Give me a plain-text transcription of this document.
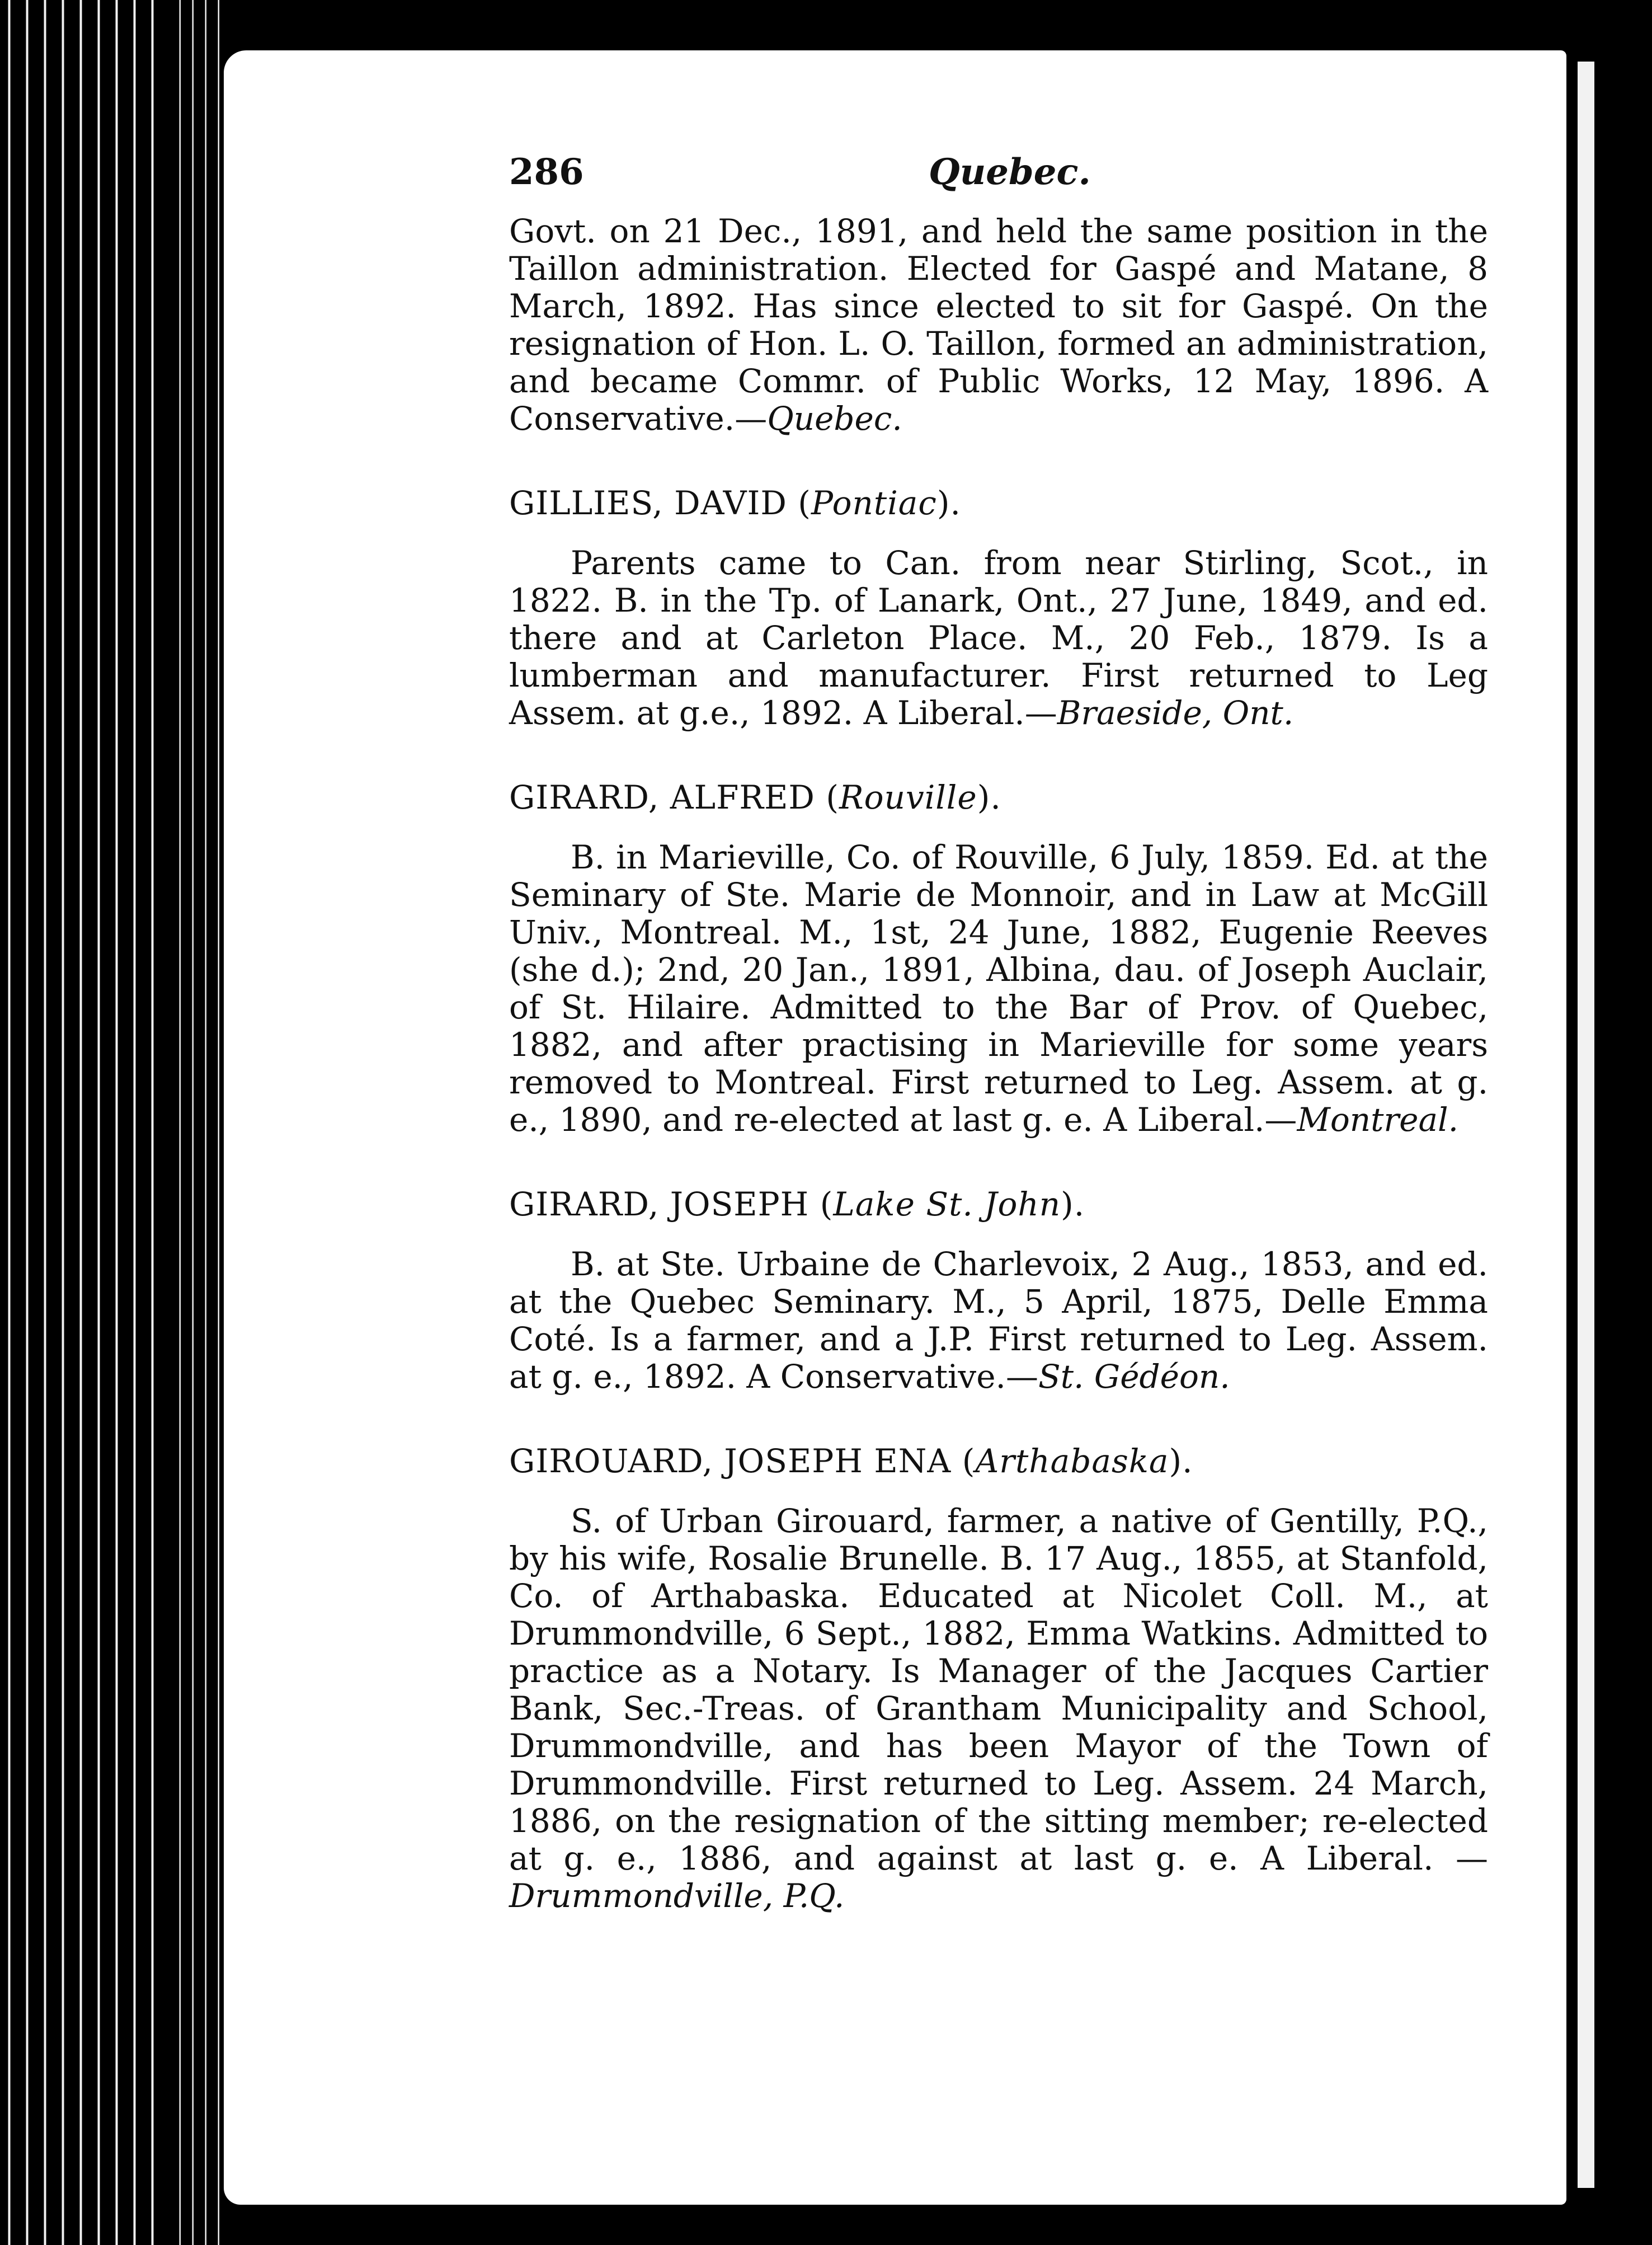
286	Quebec.

Govt. on 21 Dec., 1891, and held the same position in the Taillon administration. Elected for Gaspé and Matane, 8 March, 1892. Has since elected to sit for Gaspé. On the resignation of Hon. L. O. Taillon, formed an administration, and became Commr. of Public Works, 12 May, 1896. A Conservative.—Quebec.

GILLIES, DAVID (Pontiac).

Parents came to Can. from near Stirling, Scot., in 1822. B. in the Tp. of Lanark, Ont., 27 June, 1849, and ed. there and at Carleton Place. M., 20 Feb., 1879. Is a lumberman and manufacturer. First returned to Leg Assem. at g.e., 1892. A Liberal.—Braeside, Ont.

GIRARD, ALFRED (Rouville).

B. in Marieville, Co. of Rouville, 6 July, 1859. Ed. at the Seminary of Ste. Marie de Monnoir, and in Law at McGill Univ., Montreal. M., 1st, 24 June, 1882, Eugenie Reeves (she d.); 2nd, 20 Jan., 1891, Albina, dau. of Joseph Auclair, of St. Hilaire. Admitted to the Bar of Prov. of Quebec, 1882, and after practising in Marieville for some years removed to Montreal. First returned to Leg. Assem. at g. e., 1890, and re-elected at last g. e. A Liberal.—Montreal.

GIRARD, JOSEPH (Lake St. John).

B. at Ste. Urbaine de Charlevoix, 2 Aug., 1853, and ed. at the Quebec Seminary. M., 5 April, 1875, Delle Emma Coté. Is a farmer, and a J.P. First returned to Leg. Assem. at g. e., 1892. A Conservative.—St. Gédéon.

GIROUARD, JOSEPH ENA (Arthabaska).

S. of Urban Girouard, farmer, a native of Gentilly, P.Q., by his wife, Rosalie Brunelle. B. 17 Aug., 1855, at Stanfold, Co. of Arthabaska. Educated at Nicolet Coll. M., at Drummondville, 6 Sept., 1882, Emma Watkins. Admitted to practice as a Notary. Is Manager of the Jacques Cartier Bank, Sec.-Treas. of Grantham Municipality and School, Drummondville, and has been Mayor of the Town of Drummondville. First returned to Leg. Assem. 24 March, 1886, on the resignation of the sitting member; re-elected at g. e., 1886, and against at last g. e. A Liberal. —Drummondville, P.Q.
